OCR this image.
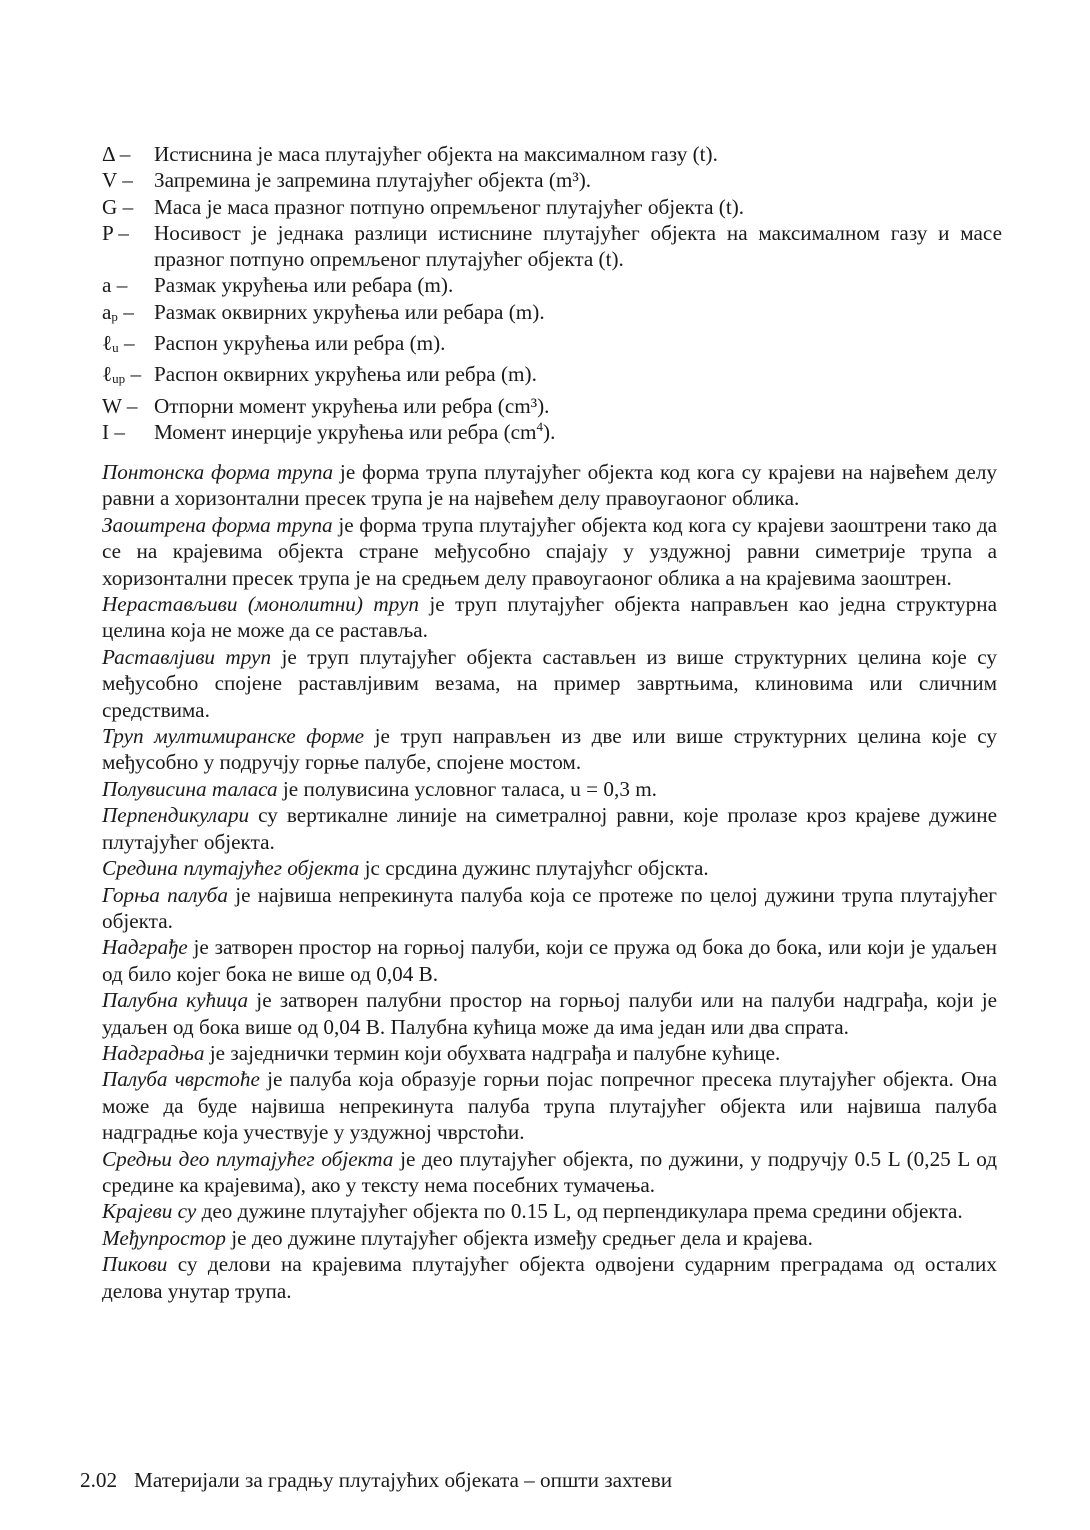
Δ –	Истиснина је маса плутајућег објекта на максималном газу (t).
V – Запремина је запремина плутајућег објекта (m³).
G – Маса је маса празног потпуно опремљеног плутајућег објекта (t).
P –	Носивост је једнака разлици истиснине плутајућег објекта на максималном газу и масе празног потпуно опремљеног плутајућег објекта (t).
a –	Размак укрућења или ребара (m).
$a_p$ – Размак оквирних укрућења или ребара (m).
ℓ$_u$ – Распон укрућења или ребра (m).
ℓ$_{up}$ – Распон оквирних укрућења или ребра (m).
W – Отпорни момент укрућења или ребра (cm³).
I –	Момент инерције укрућења или ребра $(cm^4)$.

Понтонска форма трупа је форма трупа плутајућег објекта код кога су крајеви на највећем делу равни а хоризонтални пресек трупа је на највећем делу правоугаоног облика.

Заоштрена форма трупа је форма трупа плутајућег објекта код кога су крајеви заоштрени тако да се на крајевима објекта стране међусобно спајају у уздужној равни симетрије трупа а хоризонтални пресек трупа је на средњем делу правоугаоног облика а на крајевима заоштрен.

Нерастављиви (монолитни) труп је труп плутајућег објекта направљен као једна структурна целина која не може да се раставља.

Раставлјиви труп је труп плутајућег објекта састављен из више структурних целина које су међусобно спојене раставлјивим везама, на пример завртњима, клиновима или сличним средствима.

Труп мултимиранске форме је труп направљен из две или више структурних целина које су међусобно у подручју горње палубе, спојене мостом.

Полувисина таласа је полувисина условног таласа, u = 0,3 m.

Перпендикулари су вертикалне линије на симетралној равни, које пролазе кроз крајеве дужине плутајућег објекта.

Средина плутајућег објекта јс срсдина дужинс плутајућсг објскта.

Горња палуба је највиша непрекинута палуба која се протеже по целој дужини трупа плутајућег објекта.

Надграђе је затворен простор на горњој палуби, који се пружа од бока до бока, или који је удаљен од било којег бока не више од 0,04 B.

Палубна кућица је затворен палубни простор на горњој палуби или на палуби надграђа, који је удаљен од бока више од 0,04 B. Палубна кућица може да има један или два спрата.

Надградња је заједнички термин који обухвата надграђа и палубне кућице.

Палуба чврстоће је палуба која образује горњи појас попречног пресека плутајућег објекта. Она може да буде највиша непрекинута палуба трупа плутајућег објекта или највиша палуба надградње која учествује у уздужној чврстоћи.

Средњи део плутајућег објекта је део плутајућег објекта, по дужини, у подручју 0.5 L (0,25 L од средине ка крајевима), ако у тексту нема посебних тумачења.

Крајеви су део дужине плутајућег објекта по 0.15 L, од перпендикулара према средини објекта.

Међупростор је део дужине плутајућег објекта између средњег дела и крајева.

Пикови су делови на крајевима плутајућег објекта одвојени сударним преградама од осталих делова унутар трупа.

2.02 Материјали за градњу плутајућих објеката – општи захтеви
